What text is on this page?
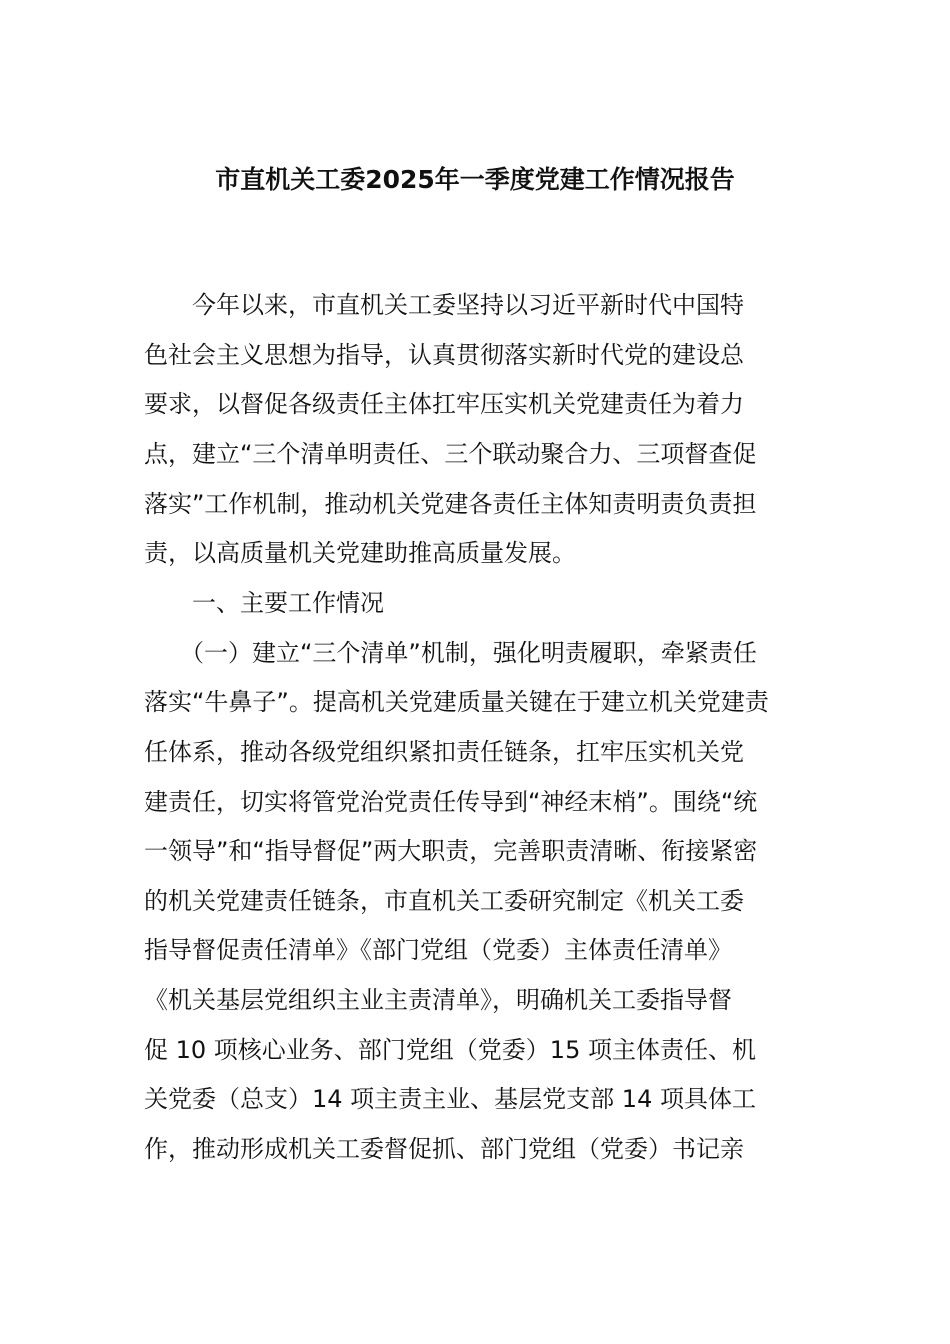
市直机关工委2025年一季度党建工作情况报告

　　今年以来，市直机关工委坚持以习近平新时代中国特

色社会主义思想为指导，认真贯彻落实新时代党的建设总

要求，以督促各级责任主体扛牢压实机关党建责任为着力

点，建立“三个清单明责任、三个联动聚合力、三项督查促

落实”工作机制，推动机关党建各责任主体知责明责负责担

责，以高质量机关党建助推高质量发展。

　　一、主要工作情况

　　（一）建立“三个清单”机制，强化明责履职，牵紧责任

落实“牛鼻子”。提高机关党建质量关键在于建立机关党建责

任体系，推动各级党组织紧扣责任链条，扛牢压实机关党

建责任，切实将管党治党责任传导到“神经末梢”。围绕“统

一领导”和“指导督促”两大职责，完善职责清晰、衔接紧密

的机关党建责任链条，市直机关工委研究制定《机关工委

指导督促责任清单》《部门党组（党委）主体责任清单》

《机关基层党组织主业主责清单》，明确机关工委指导督

促 10 项核心业务、部门党组（党委）15 项主体责任、机

关党委（总支）14 项主责主业、基层党支部 14 项具体工

作，推动形成机关工委督促抓、部门党组（党委）书记亲
